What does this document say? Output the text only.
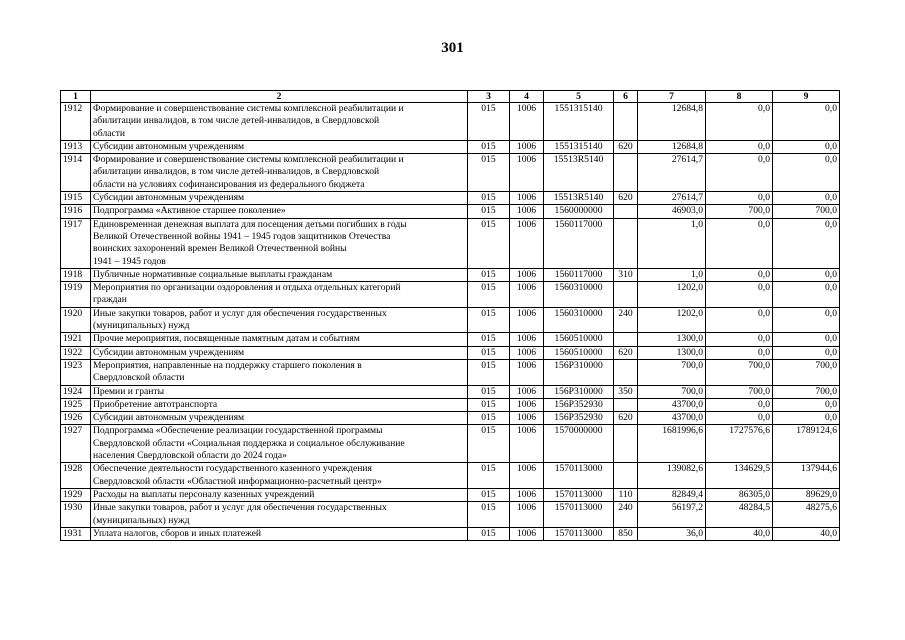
301
1	2	3	4	5	6	7	8	9
1912	Формирование и совершенствование системы комплексной реабилитации и
абилитации инвалидов, в том числе детей-инвалидов, в Свердловской
области	015	1006	1551315140		12684,8	0,0	0,0
1913	Субсидии автономным учреждениям	015	1006	1551315140	620	12684,8	0,0	0,0
1914	Формирование и совершенствование системы комплексной реабилитации и
абилитации инвалидов, в том числе детей-инвалидов, в Свердловской
области на условиях софинансирования из федерального бюджета	015	1006	15513R5140		27614,7	0,0	0,0
1915	Субсидии автономным учреждениям	015	1006	15513R5140	620	27614,7	0,0	0,0
1916	Подпрограмма «Активное старшее поколение»	015	1006	1560000000		46903,0	700,0	700,0
1917	Единовременная денежная выплата для посещения детьми погибших в годы
Великой Отечественной войны 1941 – 1945 годов защитников Отечества
воинских захоронений времен Великой Отечественной войны
1941 – 1945 годов	015	1006	1560117000		1,0	0,0	0,0
1918	Публичные нормативные социальные выплаты гражданам	015	1006	1560117000	310	1,0	0,0	0,0
1919	Мероприятия по организации оздоровления и отдыха отдельных категорий
граждан	015	1006	1560310000		1202,0	0,0	0,0
1920	Иные закупки товаров, работ и услуг для обеспечения государственных
(муниципальных) нужд	015	1006	1560310000	240	1202,0	0,0	0,0
1921	Прочие мероприятия, посвященные памятным датам и событиям	015	1006	1560510000		1300,0	0,0	0,0
1922	Субсидии автономным учреждениям	015	1006	1560510000	620	1300,0	0,0	0,0
1923	Мероприятия, направленные на поддержку старшего поколения в
Свердловской области	015	1006	156P310000		700,0	700,0	700,0
1924	Премии и гранты	015	1006	156P310000	350	700,0	700,0	700,0
1925	Приобретение автотранспорта	015	1006	156P352930		43700,0	0,0	0,0
1926	Субсидии автономным учреждениям	015	1006	156P352930	620	43700,0	0,0	0,0
1927	Подпрограмма «Обеспечение реализации государственной программы
Свердловской области «Социальная поддержка и социальное обслуживание
населения Свердловской области до 2024 года»	015	1006	1570000000		1681996,6	1727576,6	1789124,6
1928	Обеспечение деятельности государственного казенного учреждения
Свердловской области «Областной информационно-расчетный центр»	015	1006	1570113000		139082,6	134629,5	137944,6
1929	Расходы на выплаты персоналу казенных учреждений	015	1006	1570113000	110	82849,4	86305,0	89629,0
1930	Иные закупки товаров, работ и услуг для обеспечения государственных
(муниципальных) нужд	015	1006	1570113000	240	56197,2	48284,5	48275,6
1931	Уплата налогов, сборов и иных платежей	015	1006	1570113000	850	36,0	40,0	40,0
